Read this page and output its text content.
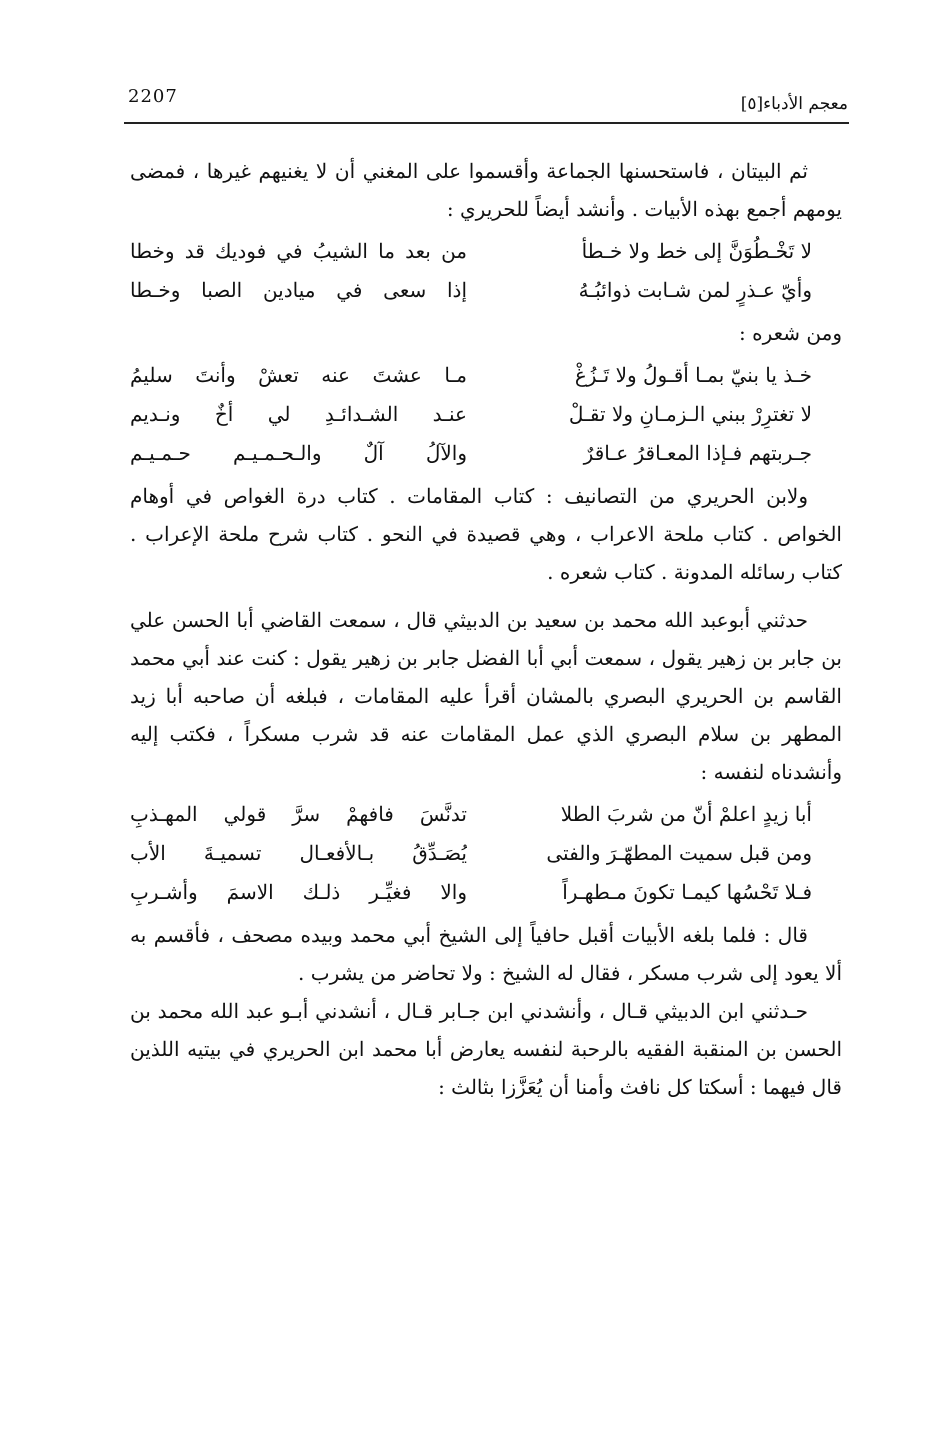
2207	معجم الأدباء[٥]

ثم البيتان ، فاستحسنها الجماعة وأقسموا على المغني أن لا يغنيهم غيرها ، فمضى يومهم أجمع بهذه الأبيات . وأنشد أيضاً للحريري :

لا تَخْـطُوَنَّ إلى خط ولا خـطأ
من بعد ما الشيبُ في فوديك قد وخطا
وأيّ عـذرٍ لمن شـابت ذوائبُـهُ
إذا سعى في ميادين الصبا وخـطا

ومن شعره :

خـذ يا بنيّ بمـا أقـولُ ولا تَـزُغْ
مـا عشتَ عنه تعشْ وأنتَ سليمُ
لا تغترِرْ ببني الـزمـانِ ولا تقـلْ
عنـد الشـدائـدِ لي أخٌ ونـديم
جـربتهم فـإذا المعـاقرُ عـاقرٌ
والآلُ آلٌ والـحـمـيـم حـمـيـم

ولابن الحريري من التصانيف : كتاب المقامات . كتاب درة الغواص في أوهام الخواص . كتاب ملحة الاعراب ، وهي قصيدة في النحو . كتاب شرح ملحة الإعراب . كتاب رسائله المدونة . كتاب شعره .

حدثني أبوعبد الله محمد بن سعيد بن الدبيثي قال ، سمعت القاضي أبا الحسن علي بن جابر بن زهير يقول ، سمعت أبي أبا الفضل جابر بن زهير يقول : كنت عند أبي محمد القاسم بن الحريري البصري بالمشان أقرأ عليه المقامات ، فبلغه أن صاحبه أبا زيد المطهر بن سلام البصري الذي عمل المقامات عنه قد شرب مسكراً ، فكتب إليه وأنشدناه لنفسه :

أبا زيدٍ اعلمْ أنّ من شربَ الطلا
تدنَّسَ فافهمْ سرَّ قولي المهـذبِ
ومن قبل سميت المطهّـرَ والفتى
يُصَـدِّقُ بـالأفعـال تسميـةَ الأب
فـلا تَحْسُها كيمـا تكونَ مـطهـراً
والا فغيِّـر ذلـك الاسمَ وأشـربِ

قال : فلما بلغه الأبيات أقبل حافياً إلى الشيخ أبي محمد وبيده مصحف ، فأقسم به ألا يعود إلى شرب مسكر ، فقال له الشيخ : ولا تحاضر من يشرب .

حـدثني ابن الدبيثي قـال ، وأنشدني ابن جـابر قـال ، أنشدني أبـو عبد الله محمد بن الحسن بن المنقبة الفقيه بالرحبة لنفسه يعارض أبا محمد ابن الحريري في بيتيه اللذين قال فيهما : أسكتا كل نافث وأمنا أن يُعَزَّزا بثالث :
